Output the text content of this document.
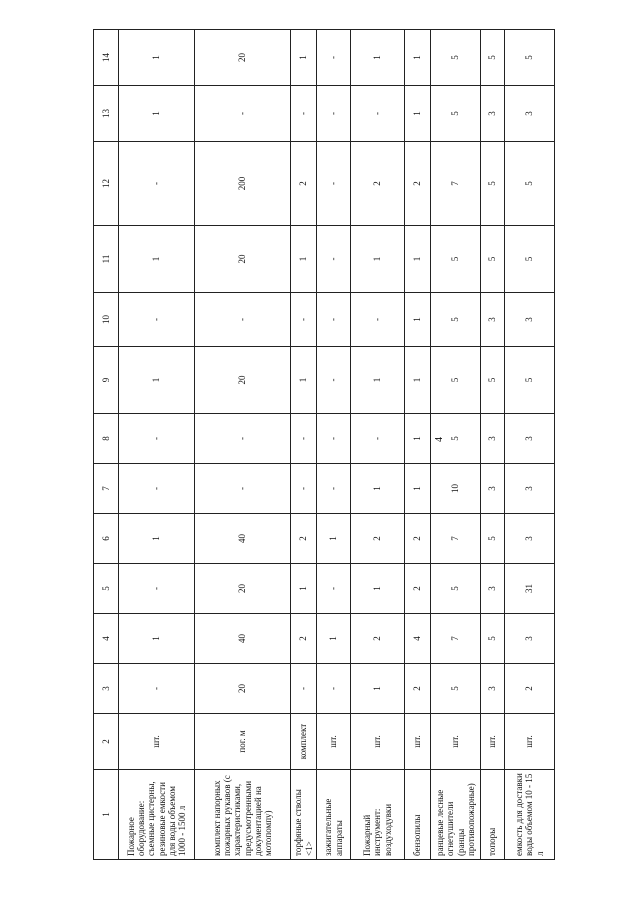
4
1	2	3	4	5	6	7	8	9	10	11	12	13	14
Пожарное оборудование: съемные цистерны, резиновые емкости для воды объемом 1000 - 1500 л	шт.	-	1	-	1	-	-	1	-	1	-	1	1
комплект напорных пожарных рукавов (с характеристиками, предусмотренными документацией на мотопомпу)	пог. м	20	40	20	40	-	-	20	-	20	200	-	20
торфяные стволы <1>	комплект	-	2	1	2	-	-	1	-	1	2	-	1
зажигательные аппараты	шт.	-	1	-	1	-	-	-	-	-	-	-	-
Пожарный инструмент: воздуходувки	шт.	1	2	1	2	1	-	1	-	1	2	-	1
бензопилы	шт.	2	4	2	2	1	1	1	1	1	2	1	1
ранцевые лесные огнетушители (ранцы противопожарные)	шт.	5	7	5	7	10	5	5	5	5	7	5	5
топоры	шт.	3	5	3	5	3	3	5	3	5	5	3	5
емкость для доставки воды объемом 10 - 15 л	шт.	2	3	31	3	3	3	5	3	5	5	3	5
